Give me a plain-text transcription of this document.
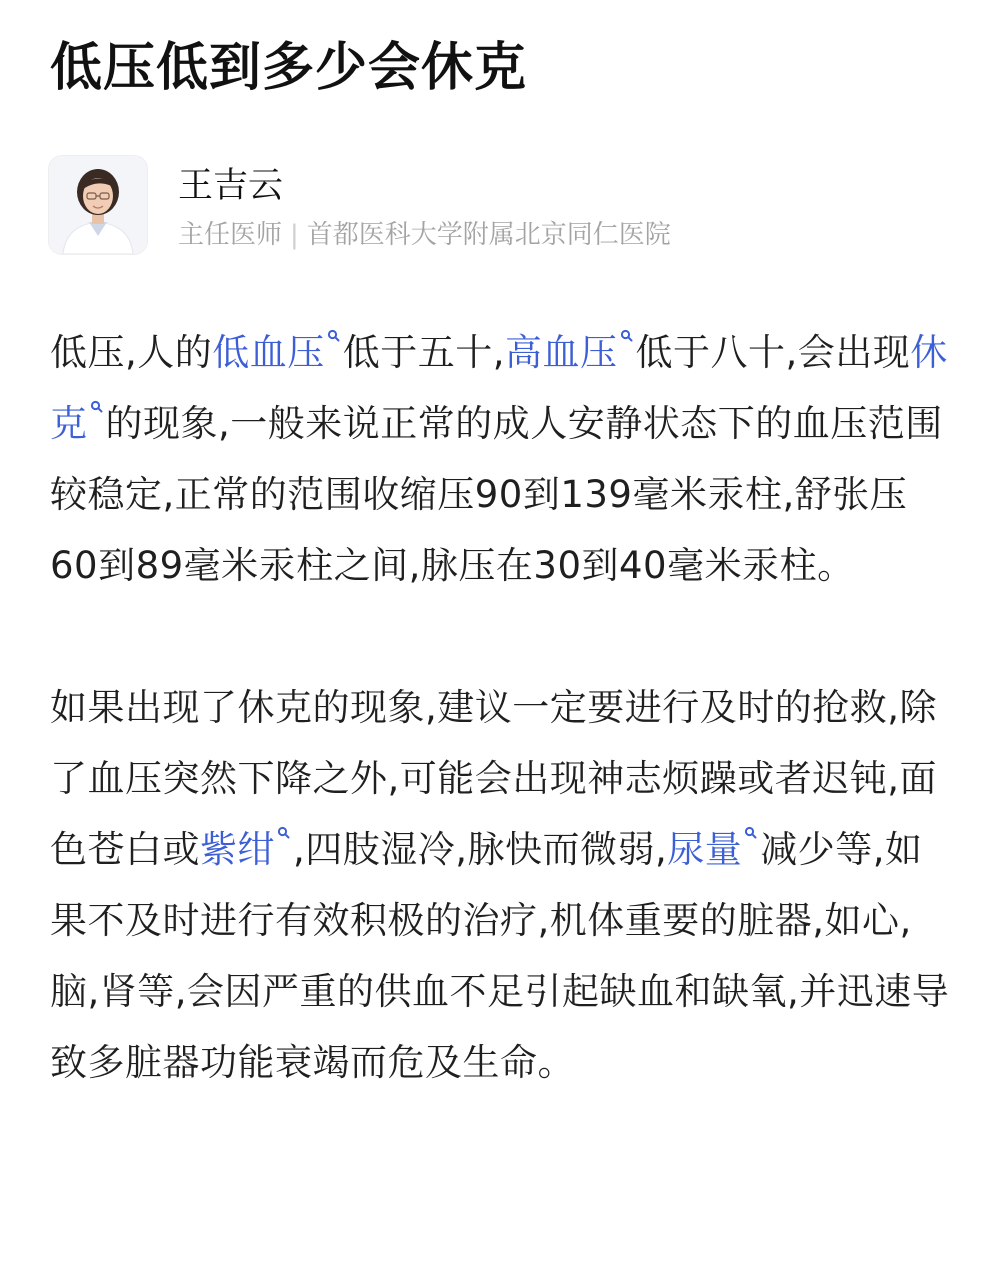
低压低到多少会休克
王吉云
主任医师 | 首都医科大学附属北京同仁医院

低压,人的低血压 低于五十,高血压 低于八十,会出现休克 的现象,一般来说正常的成人安静状态下的血压范围较稳定,正常的范围收缩压90到139毫米汞柱,舒张压60到89毫米汞柱之间,脉压在30到40毫米汞柱。

如果出现了休克的现象,建议一定要进行及时的抢救,除了血压突然下降之外,可能会出现神志烦躁或者迟钝,面色苍白或紫绀 ,四肢湿冷,脉快而微弱,尿量 减少等,如果不及时进行有效积极的治疗,机体重要的脏器,如心,脑,肾等,会因严重的供血不足引起缺血和缺氧,并迅速导致多脏器功能衰竭而危及生命。
